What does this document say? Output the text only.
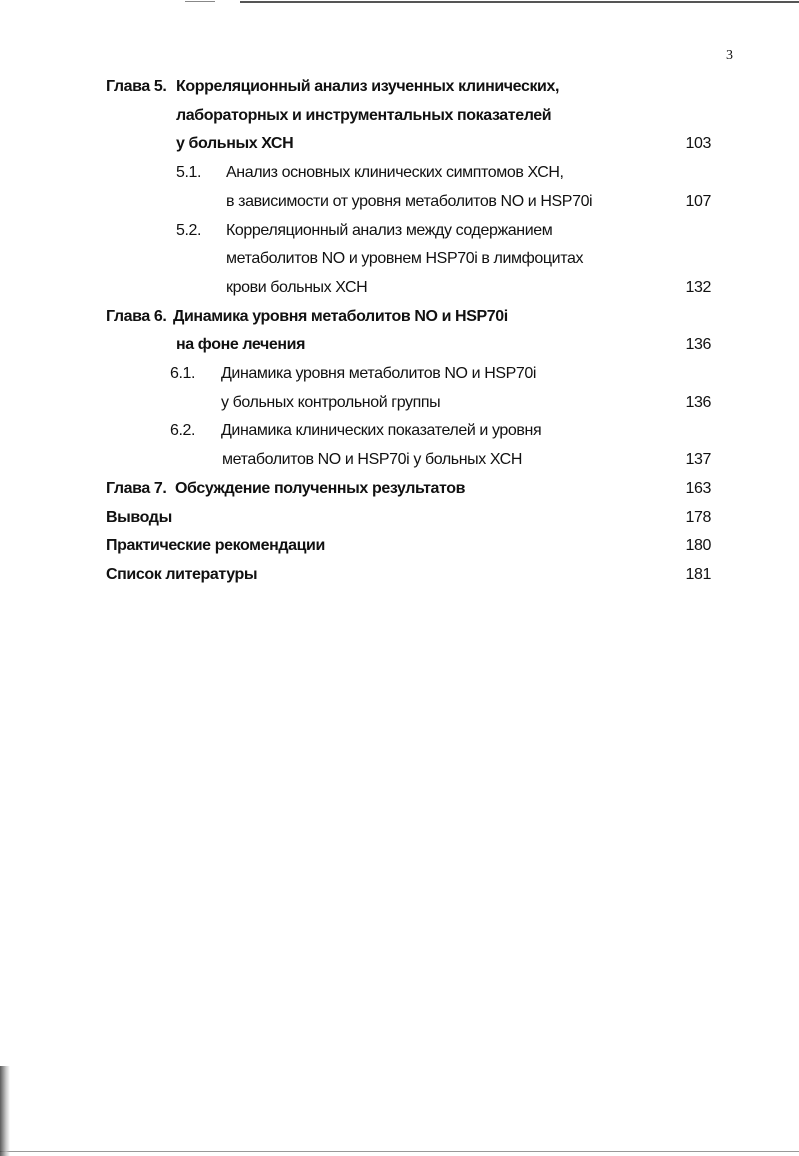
3
Глава 5. Корреляционный анализ изученных клинических,
лабораторных и инструментальных показателей
у больных ХСН	103
5.1. Анализ основных клинических симптомов ХСН,
в зависимости от уровня метаболитов NO и HSP70i	107
5.2. Корреляционный анализ между содержанием
метаболитов NO и уровнем HSP70i в лимфоцитах
крови больных ХСН	132
Глава 6. Динамика уровня метаболитов NO и HSP70i
на фоне лечения	136
6.1. Динамика уровня метаболитов NO и HSP70i
у больных контрольной группы	136
6.2. Динамика клинических показателей и уровня
метаболитов NO и HSP70i у больных ХСН	137
Глава 7. Обсуждение полученных результатов	163
Выводы	178
Практические рекомендации	180
Список литературы	181
